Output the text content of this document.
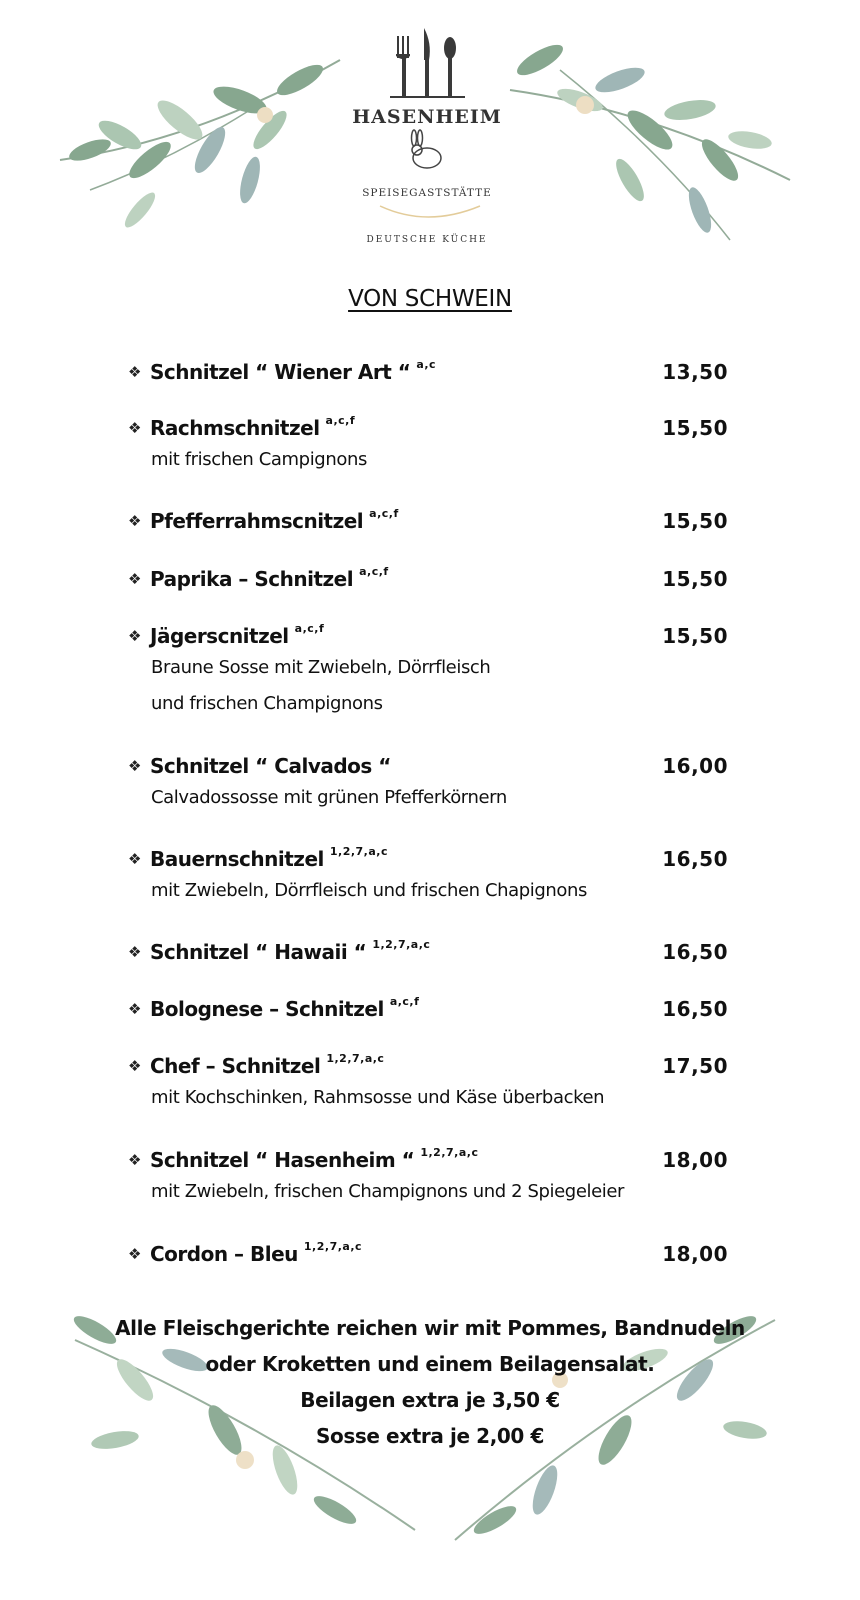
HASENHEIM
SPEISEGASTSTÄTTE
DEUTSCHE KÜCHE
VON SCHWEIN
❖ Schnitzel “ Wiener Art “ a,c	13,50
❖ Rachmschnitzel a,c,f	15,50
mit frischen Campignons
❖ Pfefferrahmscnitzel a,c,f	15,50
❖ Paprika – Schnitzel a,c,f	15,50
❖ Jägerscnitzel a,c,f	15,50
Braune Sosse mit Zwiebeln, Dörrfleisch
und frischen Champignons
❖ Schnitzel “ Calvados “	16,00
Calvadossosse mit grünen Pfefferkörnern
❖ Bauernschnitzel 1,2,7,a,c	16,50
mit Zwiebeln, Dörrfleisch und frischen Chapignons
❖ Schnitzel “ Hawaii “ 1,2,7,a,c	16,50
❖ Bolognese – Schnitzel a,c,f	16,50
❖ Chef – Schnitzel 1,2,7,a,c	17,50
mit Kochschinken, Rahmsosse und Käse überbacken
❖ Schnitzel “ Hasenheim “ 1,2,7,a,c	18,00
mit Zwiebeln, frischen Champignons und 2 Spiegeleier
❖ Cordon – Bleu 1,2,7,a,c	18,00
Alle Fleischgerichte reichen wir mit Pommes, Bandnudeln
oder Kroketten und einem Beilagensalat.
Beilagen extra je 3,50 €
Sosse extra je 2,00 €
